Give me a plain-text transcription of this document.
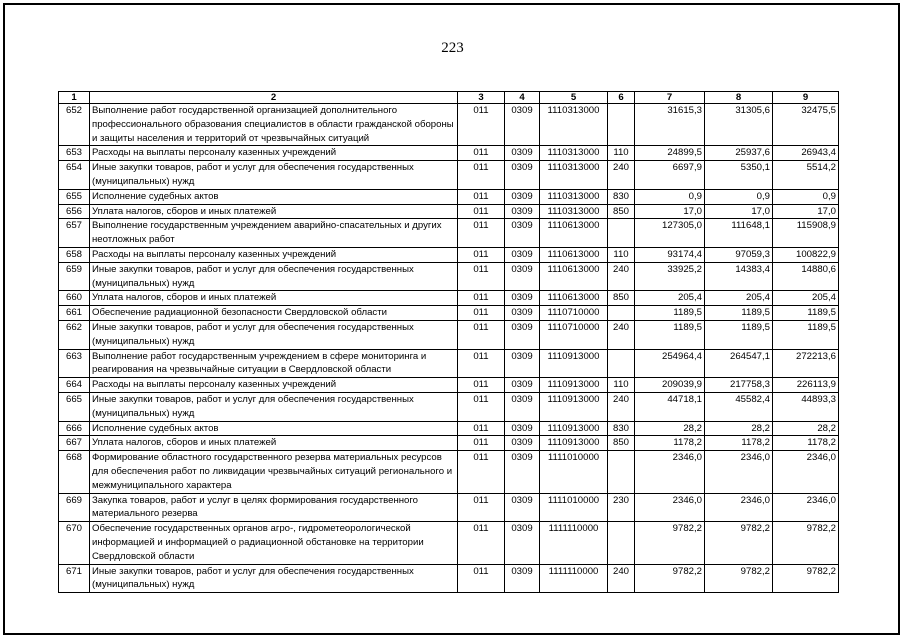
223
1	2	3	4	5	6	7	8	9
652	Выполнение работ государственной организацией дополнительного профессионального образования специалистов в области гражданской обороны и защиты населения и территорий от чрезвычайных ситуаций	011	0309	1110313000		31615,3	31305,6	32475,5
653	Расходы на выплаты персоналу казенных учреждений	011	0309	1110313000	110	24899,5	25937,6	26943,4
654	Иные закупки товаров, работ и услуг для обеспечения государственных (муниципальных) нужд	011	0309	1110313000	240	6697,9	5350,1	5514,2
655	Исполнение судебных актов	011	0309	1110313000	830	0,9	0,9	0,9
656	Уплата налогов, сборов и иных платежей	011	0309	1110313000	850	17,0	17,0	17,0
657	Выполнение государственным учреждением аварийно-спасательных и других неотложных работ	011	0309	1110613000		127305,0	111648,1	115908,9
658	Расходы на выплаты персоналу казенных учреждений	011	0309	1110613000	110	93174,4	97059,3	100822,9
659	Иные закупки товаров, работ и услуг для обеспечения государственных (муниципальных) нужд	011	0309	1110613000	240	33925,2	14383,4	14880,6
660	Уплата налогов, сборов и иных платежей	011	0309	1110613000	850	205,4	205,4	205,4
661	Обеспечение радиационной безопасности Свердловской области	011	0309	1110710000		1189,5	1189,5	1189,5
662	Иные закупки товаров, работ и услуг для обеспечения государственных (муниципальных) нужд	011	0309	1110710000	240	1189,5	1189,5	1189,5
663	Выполнение работ государственным учреждением в сфере мониторинга и реагирования на чрезвычайные ситуации в Свердловской области	011	0309	1110913000		254964,4	264547,1	272213,6
664	Расходы на выплаты персоналу казенных учреждений	011	0309	1110913000	110	209039,9	217758,3	226113,9
665	Иные закупки товаров, работ и услуг для обеспечения государственных (муниципальных) нужд	011	0309	1110913000	240	44718,1	45582,4	44893,3
666	Исполнение судебных актов	011	0309	1110913000	830	28,2	28,2	28,2
667	Уплата налогов, сборов и иных платежей	011	0309	1110913000	850	1178,2	1178,2	1178,2
668	Формирование областного государственного резерва материальных ресурсов для обеспечения работ по ликвидации чрезвычайных ситуаций регионального и межмуниципального характера	011	0309	1111010000		2346,0	2346,0	2346,0
669	Закупка товаров, работ и услуг в целях формирования государственного материального резерва	011	0309	1111010000	230	2346,0	2346,0	2346,0
670	Обеспечение государственных органов агро-, гидрометеорологической информацией и информацией о радиационной обстановке на территории Свердловской области	011	0309	1111110000		9782,2	9782,2	9782,2
671	Иные закупки товаров, работ и услуг для обеспечения государственных (муниципальных) нужд	011	0309	1111110000	240	9782,2	9782,2	9782,2
